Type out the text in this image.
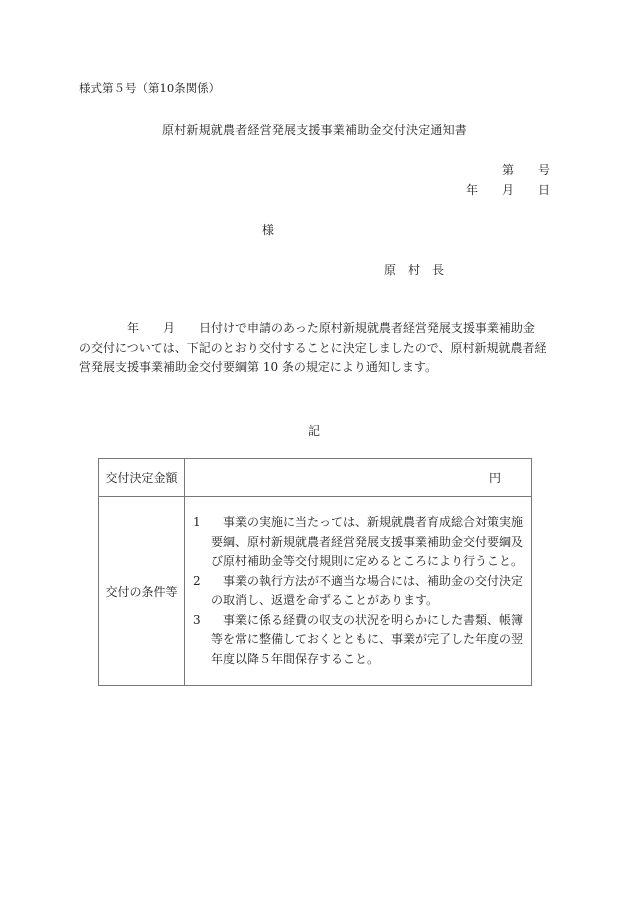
様式第５号（第10条関係）
原村新規就農者経営発展支援事業補助金交付決定通知書
第 号
年 月 日
様
原 村 長
年 月 日付けで申請のあった原村新規就農者経営発展支援事業補助金
の交付については、下記のとおり交付することに決定しましたので、原村新規就農者経
営発展支援事業補助金交付要綱第 10 条の規定により通知します。
記
交付決定金額	円
交付の条件等	
1 事業の実施に当たっては、新規就農者育成総合対策実施
要綱、原村新規就農者経営発展支援事業補助金交付要綱及
び原村補助金等交付規則に定めるところにより行うこと。
2 事業の執行方法が不適当な場合には、補助金の交付決定
の取消し、返還を命ずることがあります。
3 事業に係る経費の収支の状況を明らかにした書類、帳簿
等を常に整備しておくとともに、事業が完了した年度の翌
年度以降５年間保存すること。
